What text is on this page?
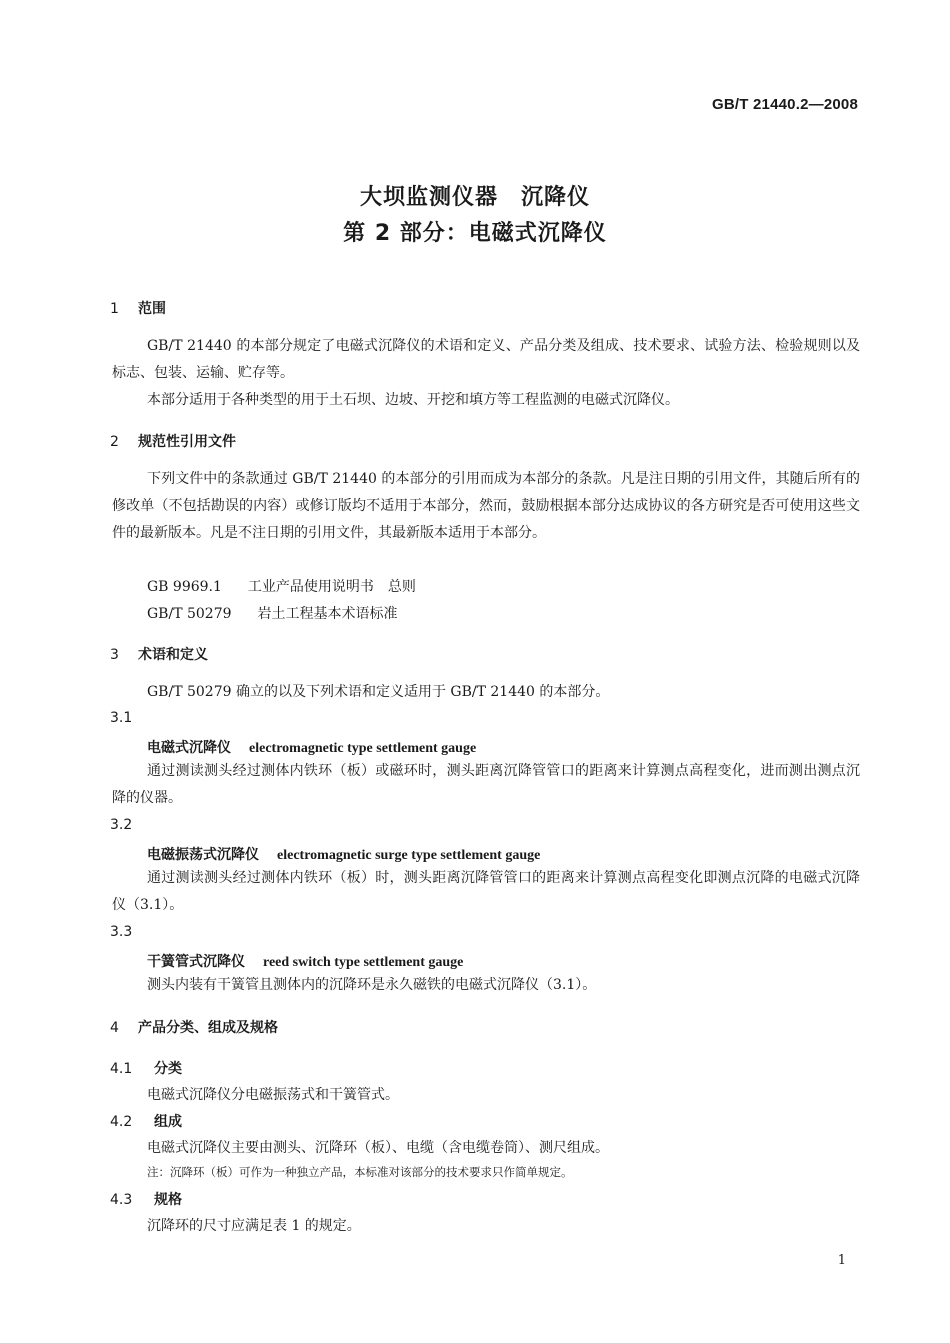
GB/T 21440.2—2008
大坝监测仪器　沉降仪
第 2 部分：电磁式沉降仪
1 范围
GB/T 21440 的本部分规定了电磁式沉降仪的术语和定义、产品分类及组成、技术要求、试验方法、检验规则以及标志、包装、运输、贮存等。
本部分适用于各种类型的用于土石坝、边坡、开挖和填方等工程监测的电磁式沉降仪。
2 规范性引用文件
下列文件中的条款通过 GB/T 21440 的本部分的引用而成为本部分的条款。凡是注日期的引用文件，其随后所有的修改单（不包括勘误的内容）或修订版均不适用于本部分，然而，鼓励根据本部分达成协议的各方研究是否可使用这些文件的最新版本。凡是不注日期的引用文件，其最新版本适用于本部分。
GB 9969.1 工业产品使用说明书　总则
GB/T 50279 岩土工程基本术语标准
3 术语和定义
GB/T 50279 确立的以及下列术语和定义适用于 GB/T 21440 的本部分。
3.1
电磁式沉降仪 electromagnetic type settlement gauge
通过测读测头经过测体内铁环（板）或磁环时，测头距离沉降管管口的距离来计算测点高程变化，进而测出测点沉降的仪器。
3.2
电磁振荡式沉降仪 electromagnetic surge type settlement gauge
通过测读测头经过测体内铁环（板）时，测头距离沉降管管口的距离来计算测点高程变化即测点沉降的电磁式沉降仪（3.1）。
3.3
干簧管式沉降仪 reed switch type settlement gauge
测头内装有干簧管且测体内的沉降环是永久磁铁的电磁式沉降仪（3.1）。
4 产品分类、组成及规格
4.1 分类
电磁式沉降仪分电磁振荡式和干簧管式。
4.2 组成
电磁式沉降仪主要由测头、沉降环（板）、电缆（含电缆卷筒）、测尺组成。
注：沉降环（板）可作为一种独立产品，本标准对该部分的技术要求只作简单规定。
4.3 规格
沉降环的尺寸应满足表 1 的规定。
1
